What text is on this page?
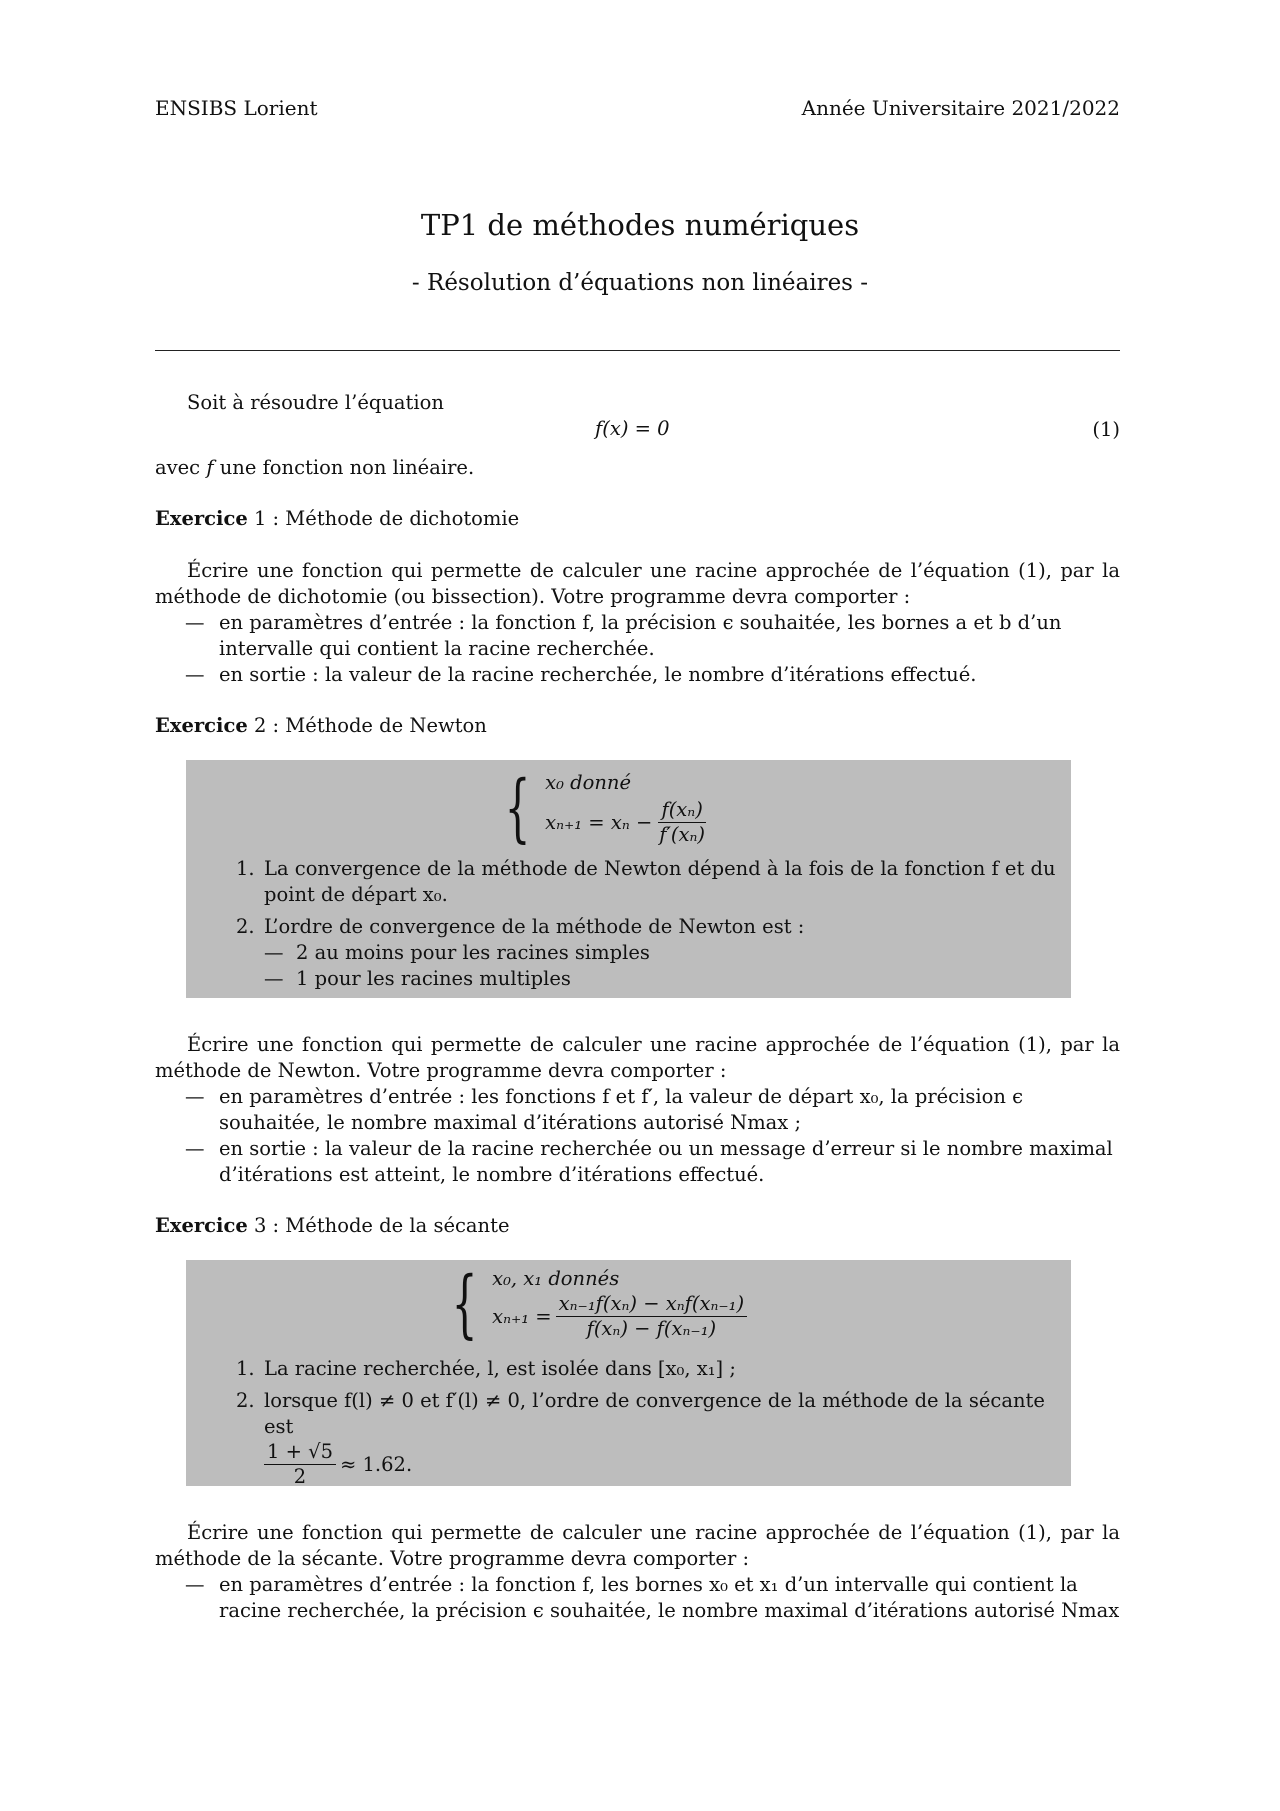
ENSIBS Lorient	Année Universitaire 2021/2022
TP1 de méthodes numériques
- Résolution d’équations non linéaires -
Soit à résoudre l’équation
f(x) = 0	(1)
avec f une fonction non linéaire.
Exercice 1 : Méthode de dichotomie
Écrire une fonction qui permette de calculer une racine approchée de l’équation (1), par la méthode de dichotomie (ou bissection). Votre programme devra comporter :
— en paramètres d’entrée : la fonction f, la précision ϵ souhaitée, les bornes a et b d’un intervalle qui contient la racine recherchée.
— en sortie : la valeur de la racine recherchée, le nombre d’itérations effectué.
Exercice 2 : Méthode de Newton
{ x₀ donné
$x_{n+1} = x_n - \frac{\text{f(xₙ)}}{\text{f′(xₙ)}}$
1. La convergence de la méthode de Newton dépend à la fois de la fonction f et du point de départ x₀.
2. L’ordre de convergence de la méthode de Newton est :
— 2 au moins pour les racines simples
— 1 pour les racines multiples
Écrire une fonction qui permette de calculer une racine approchée de l’équation (1), par la méthode de Newton. Votre programme devra comporter :
— en paramètres d’entrée : les fonctions f et f′, la valeur de départ x₀, la précision ϵ souhaitée, le nombre maximal d’itérations autorisé Nmax ;
— en sortie : la valeur de la racine recherchée ou un message d’erreur si le nombre maximal d’itérations est atteint, le nombre d’itérations effectué.
Exercice 3 : Méthode de la sécante
{ x₀, x₁ donnés
$x_{n+1} = \frac{\text{xₙ₋₁f(xₙ) − xₙf(xₙ₋₁)}}{\text{f(xₙ) − f(xₙ₋₁)}}$
1. La racine recherchée, l, est isolée dans [x₀, x₁] ;
2. lorsque f(l) ≠ 0 et f′(l) ≠ 0, l’ordre de convergence de la méthode de la sécante est
$\frac{1 + √5}{2} \approx 1.62$.
Écrire une fonction qui permette de calculer une racine approchée de l’équation (1), par la méthode de la sécante. Votre programme devra comporter :
— en paramètres d’entrée : la fonction f, les bornes x₀ et x₁ d’un intervalle qui contient la racine recherchée, la précision ϵ souhaitée, le nombre maximal d’itérations autorisé Nmax
